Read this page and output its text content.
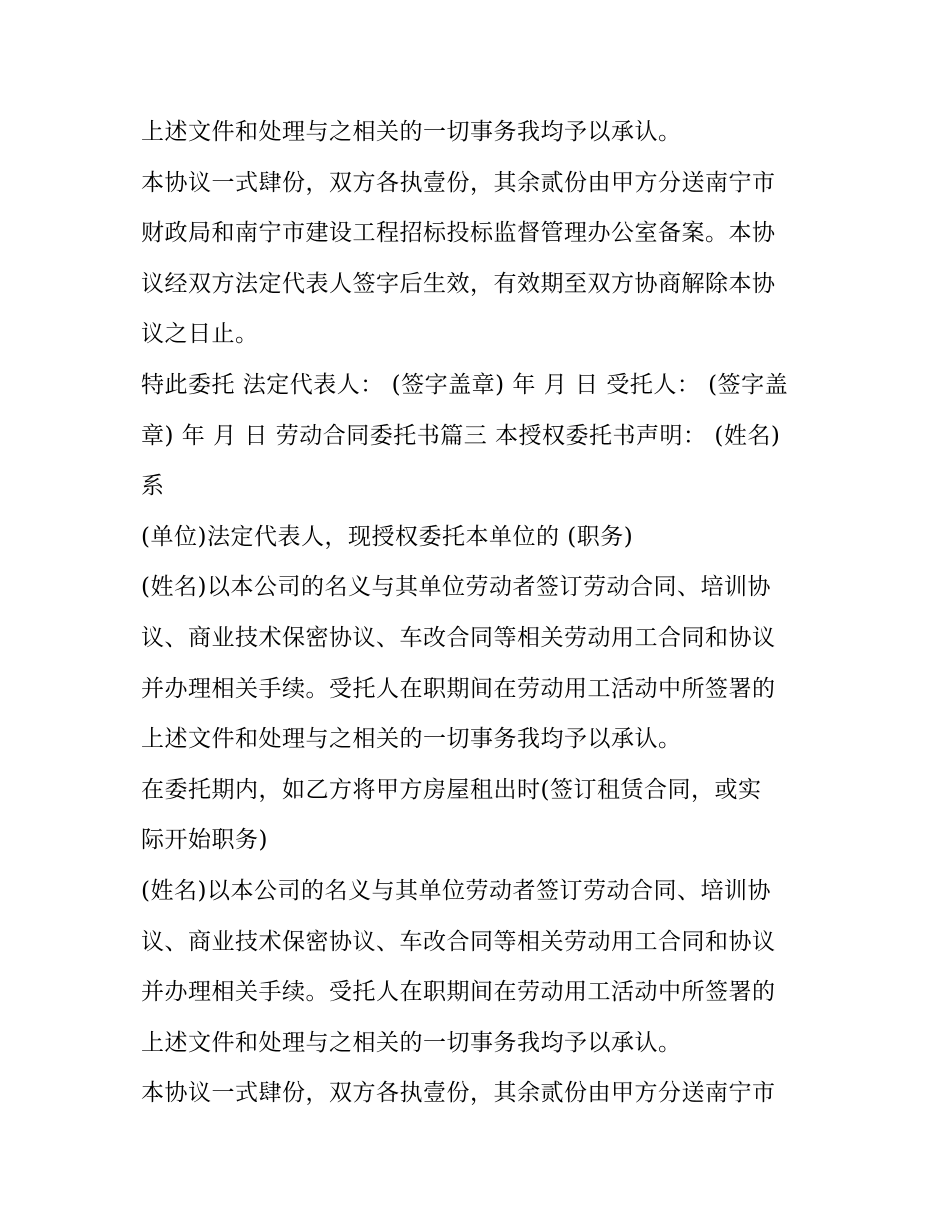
上述文件和处理与之相关的一切事务我均予以承认。
本协议一式肆份，双方各执壹份，其余贰份由甲方分送南宁市
财政局和南宁市建设工程招标投标监督管理办公室备案。本协
议经双方法定代表人签字后生效，有效期至双方协商解除本协
议之日止。
特此委托 法定代表人： (签字盖章) 年 月 日 受托人： (签字盖
章) 年 月 日 劳动合同委托书篇三 本授权委托书声明： (姓名)
系
(单位)法定代表人，现授权委托本单位的 (职务)
(姓名)以本公司的名义与其单位劳动者签订劳动合同、培训协
议、商业技术保密协议、车改合同等相关劳动用工合同和协议
并办理相关手续。受托人在职期间在劳动用工活动中所签署的
上述文件和处理与之相关的一切事务我均予以承认。
在委托期内，如乙方将甲方房屋租出时(签订租赁合同，或实
际开始职务)
(姓名)以本公司的名义与其单位劳动者签订劳动合同、培训协
议、商业技术保密协议、车改合同等相关劳动用工合同和协议
并办理相关手续。受托人在职期间在劳动用工活动中所签署的
上述文件和处理与之相关的一切事务我均予以承认。
本协议一式肆份，双方各执壹份，其余贰份由甲方分送南宁市
